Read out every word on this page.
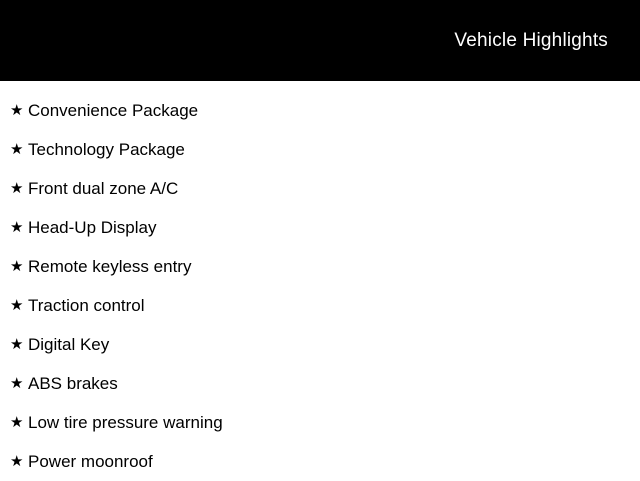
Vehicle Highlights
★ Convenience Package
★ Technology Package
★ Front dual zone A/C
★ Head-Up Display
★ Remote keyless entry
★ Traction control
★ Digital Key
★ ABS brakes
★ Low tire pressure warning
★ Power moonroof
